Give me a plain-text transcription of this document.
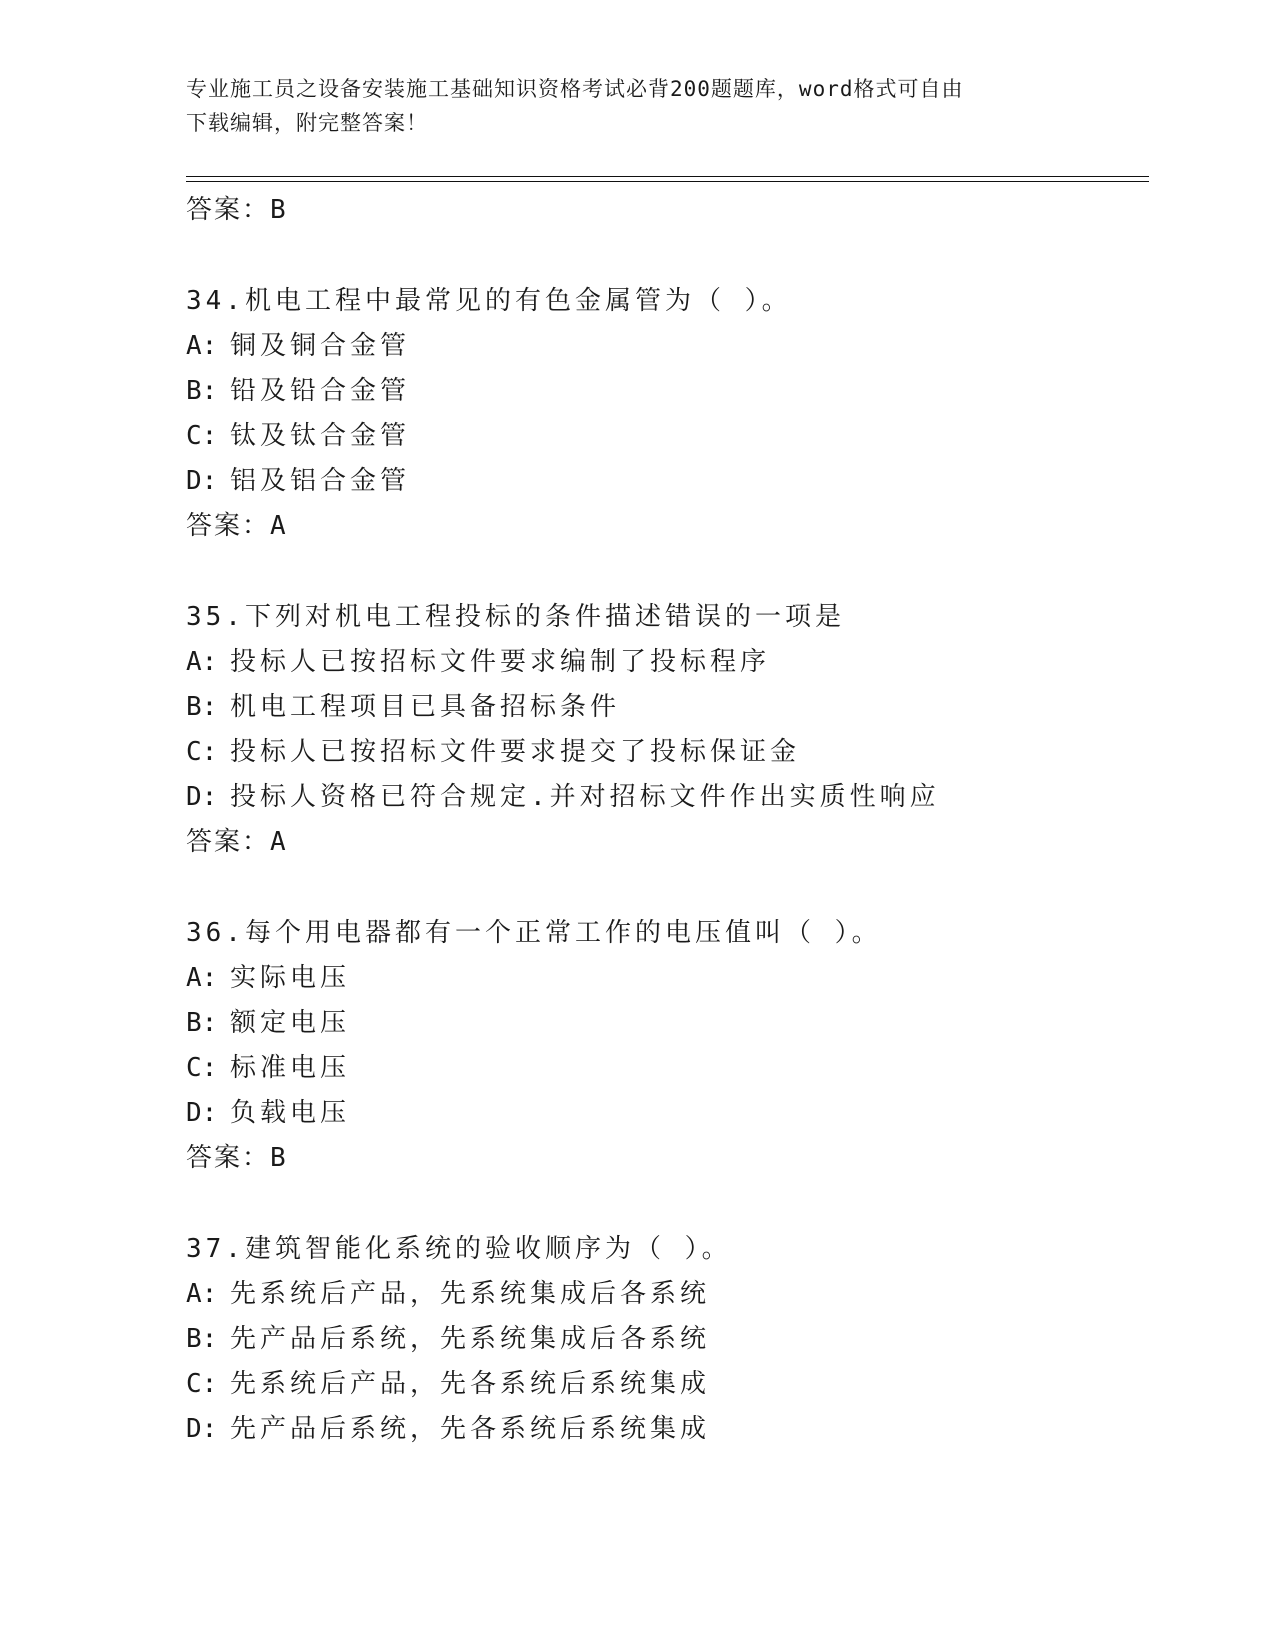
专业施工员之设备安装施工基础知识资格考试必背200题题库，word格式可自由
下载编辑，附完整答案！
答案：B
34.机电工程中最常见的有色金属管为（ ）。
A: 铜及铜合金管
B: 铅及铅合金管
C: 钛及钛合金管
D: 铝及铝合金管
答案：A
35.下列对机电工程投标的条件描述错误的一项是
A: 投标人已按招标文件要求编制了投标程序
B: 机电工程项目已具备招标条件
C: 投标人已按招标文件要求提交了投标保证金
D: 投标人资格已符合规定.并对招标文件作出实质性响应
答案：A
36.每个用电器都有一个正常工作的电压值叫（ ）。
A: 实际电压
B: 额定电压
C: 标准电压
D: 负载电压
答案：B
37.建筑智能化系统的验收顺序为（ ）。
A: 先系统后产品，先系统集成后各系统
B: 先产品后系统，先系统集成后各系统
C: 先系统后产品，先各系统后系统集成
D: 先产品后系统，先各系统后系统集成
